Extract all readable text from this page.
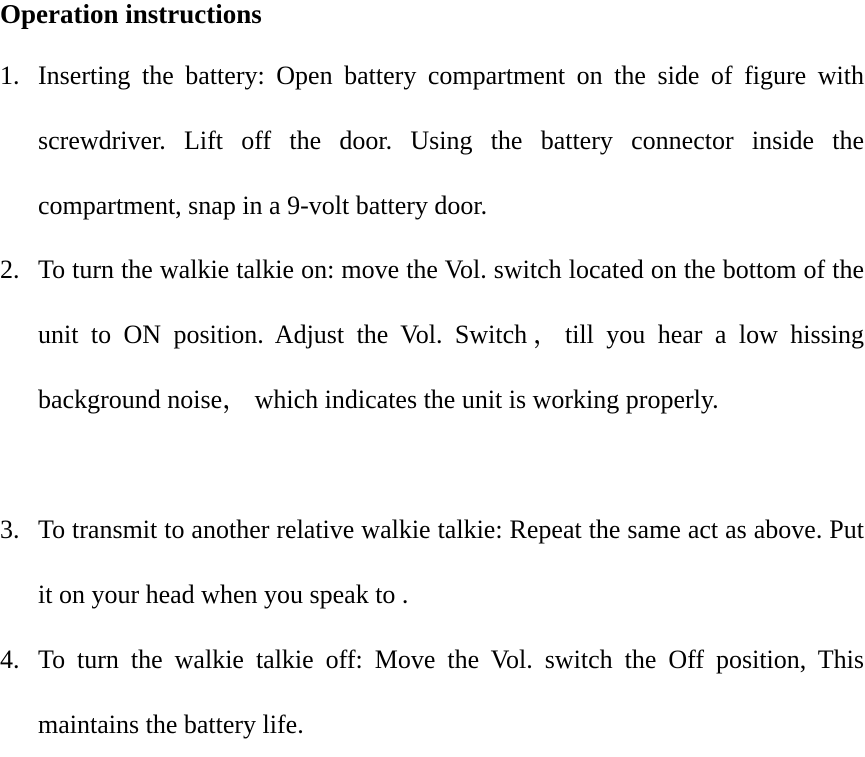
Operation instructions
1. Inserting the battery: Open battery compartment on the side of figure with screwdriver. Lift off the door. Using the battery connector inside the compartment, snap in a 9-volt battery door.
2. To turn the walkie talkie on: move the Vol. switch located on the bottom of the unit to ON position. Adjust the Vol. Switch，till you hear a low hissing background noise， which indicates the unit is working properly.
3. To transmit to another relative walkie talkie: Repeat the same act as above. Put it on your head when you speak to .
4. To turn the walkie talkie off: Move the Vol. switch the Off position, This maintains the battery life.
